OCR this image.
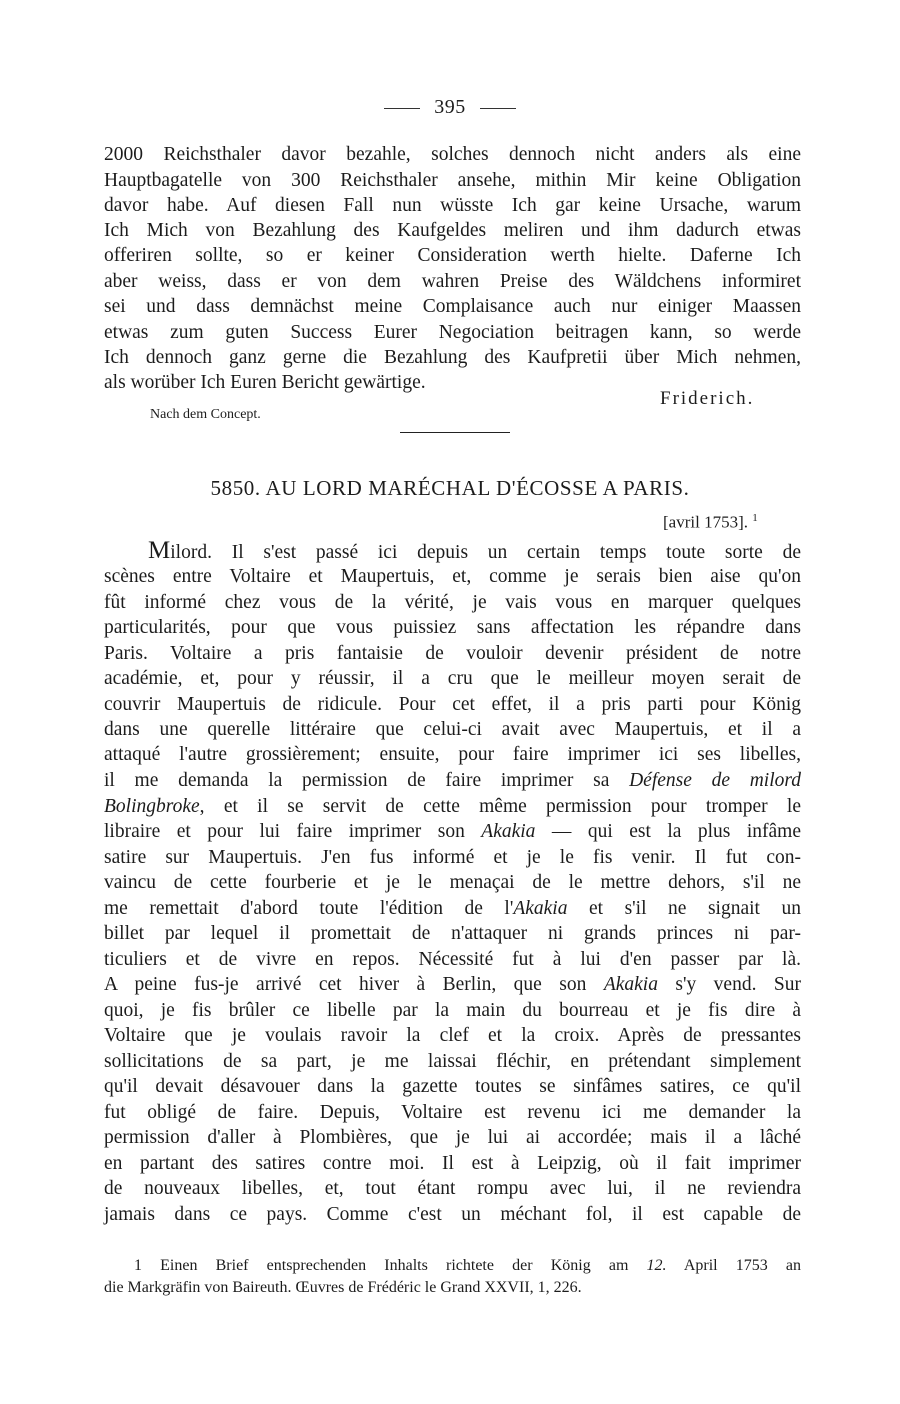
395
2000 Reichsthaler davor bezahle, solches dennoch nicht anders als eine
Hauptbagatelle von 300 Reichsthaler ansehe, mithin Mir keine Obligation
davor habe. Auf diesen Fall nun wüsste Ich gar keine Ursache, warum
Ich Mich von Bezahlung des Kaufgeldes meliren und ihm dadurch etwas
offeriren sollte, so er keiner Consideration werth hielte. Daferne Ich
aber weiss, dass er von dem wahren Preise des Wäldchens informiret
sei und dass demnächst meine Complaisance auch nur einiger Maassen
etwas zum guten Success Eurer Negociation beitragen kann, so werde
Ich dennoch ganz gerne die Bezahlung des Kaufpretii über Mich nehmen,
als worüber Ich Euren Bericht gewärtige.
Friderich.
Nach dem Concept.
5850. AU LORD MARÉCHAL D'ÉCOSSE A PARIS.
[avril 1753]. $^1$
Milord. Il s'est passé ici depuis un certain temps toute sorte de
scènes entre Voltaire et Maupertuis, et, comme je serais bien aise qu'on
fût informé chez vous de la vérité, je vais vous en marquer quelques
particularités, pour que vous puissiez sans affectation les répandre dans
Paris. Voltaire a pris fantaisie de vouloir devenir président de notre
académie, et, pour y réussir, il a cru que le meilleur moyen serait de
couvrir Maupertuis de ridicule. Pour cet effet, il a pris parti pour König
dans une querelle littéraire que celui-ci avait avec Maupertuis, et il a
attaqué l'autre grossièrement; ensuite, pour faire imprimer ici ses libelles,
il me demanda la permission de faire imprimer sa Défense de milord
Bolingbroke, et il se servit de cette même permission pour tromper le
libraire et pour lui faire imprimer son Akakia — qui est la plus infâme
satire sur Maupertuis. J'en fus informé et je le fis venir. Il fut con-
vaincu de cette fourberie et je le menaçai de le mettre dehors, s'il ne
me remettait d'abord toute l'édition de l'Akakia et s'il ne signait un
billet par lequel il promettait de n'attaquer ni grands princes ni par-
ticuliers et de vivre en repos. Nécessité fut à lui d'en passer par là.
A peine fus-je arrivé cet hiver à Berlin, que son Akakia s'y vend. Sur
quoi, je fis brûler ce libelle par la main du bourreau et je fis dire à
Voltaire que je voulais ravoir la clef et la croix. Après de pressantes
sollicitations de sa part, je me laissai fléchir, en prétendant simplement
qu'il devait désavouer dans la gazette toutes se sinfâmes satires, ce qu'il
fut obligé de faire. Depuis, Voltaire est revenu ici me demander la
permission d'aller à Plombières, que je lui ai accordée; mais il a lâché
en partant des satires contre moi. Il est à Leipzig, où il fait imprimer
de nouveaux libelles, et, tout étant rompu avec lui, il ne reviendra
jamais dans ce pays. Comme c'est un méchant fol, il est capable de
1 Einen Brief entsprechenden Inhalts richtete der König am 12. April 1753 an
die Markgräfin von Baireuth. Œuvres de Frédéric le Grand XXVII, 1, 226.
